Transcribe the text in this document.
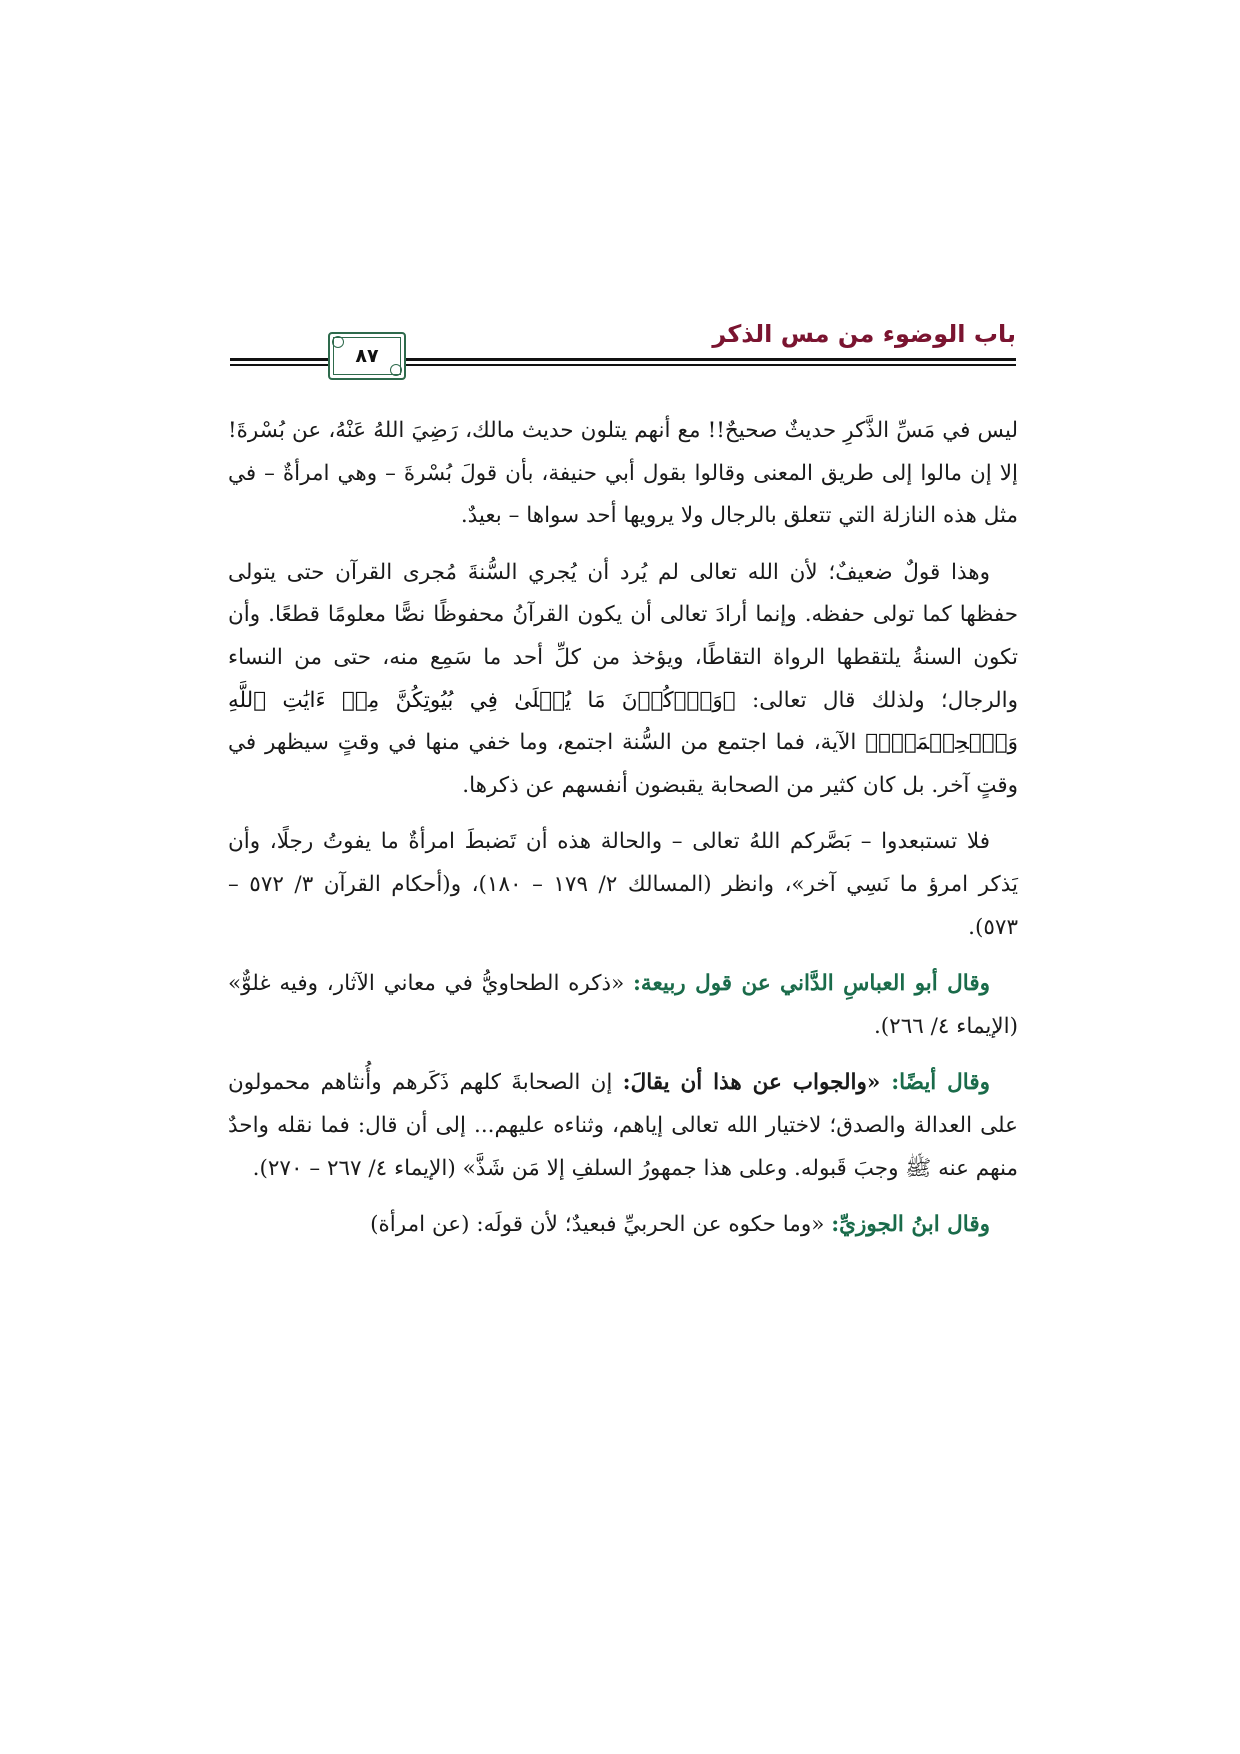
باب الوضوء من مس الذكر
٨٧

ليس في مَسِّ الذَّكرِ حديثٌ صحيحٌ!! مع أنهم يتلون حديث مالك، رَضِيَ اللهُ عَنْهُ، عن بُسْرةَ! إلا إن مالوا إلى طريق المعنى وقالوا بقول أبي حنيفة، بأن قولَ بُسْرةَ – وهي امرأةٌ – في مثل هذه النازلة التي تتعلق بالرجال ولا يرويها أحد سواها – بعيدٌ.

وهذا قولٌ ضعيفٌ؛ لأن الله تعالى لم يُرد أن يُجري السُّنةَ مُجرى القرآن حتى يتولى حفظها كما تولى حفظه. وإنما أرادَ تعالى أن يكون القرآنُ محفوظًا نصًّا معلومًا قطعًا. وأن تكون السنةُ يلتقطها الرواة التقاطًا، ويؤخذ من كلِّ أحد ما سَمِع منه، حتى من النساء والرجال؛ ولذلك قال تعالى: ﴿وَٱذۡكُرۡنَ مَا يُتۡلَىٰ فِي بُيُوتِكُنَّ مِنۡ ءَايَٰتِ ٱللَّهِ وَٱلۡحِكۡمَةِۚ﴾ الآية، فما اجتمع من السُّنة اجتمع، وما خفي منها في وقتٍ سيظهر في وقتٍ آخر. بل كان كثير من الصحابة يقبضون أنفسهم عن ذكرها.

فلا تستبعدوا – بَصَّركم اللهُ تعالى – والحالة هذه أن تَضبطَ امرأةٌ ما يفوتُ رجلًا، وأن يَذكر امرؤ ما نَسِي آخر»، وانظر (المسالك ٢/ ١٧٩ – ١٨٠)، و(أحكام القرآن ٣/ ٥٧٢ – ٥٧٣).

وقال أبو العباسِ الدَّاني عن قول ربيعة: «ذكره الطحاويُّ في معاني الآثار، وفيه غلوٌّ» (الإيماء ٤/ ٢٦٦).

وقال أيضًا: «والجواب عن هذا أن يقالَ: إن الصحابةَ كلهم ذَكَرهم وأُنثاهم محمولون على العدالة والصدق؛ لاختيار الله تعالى إياهم، وثناءه عليهم... إلى أن قال: فما نقله واحدٌ منهم عنه ﷺ وجبَ قَبوله. وعلى هذا جمهورُ السلفِ إلا مَن شَذَّ» (الإيماء ٤/ ٢٦٧ – ٢٧٠).

وقال ابنُ الجوزيِّ: «وما حكوه عن الحربيِّ فبعيدٌ؛ لأن قولَه: (عن امرأة)
